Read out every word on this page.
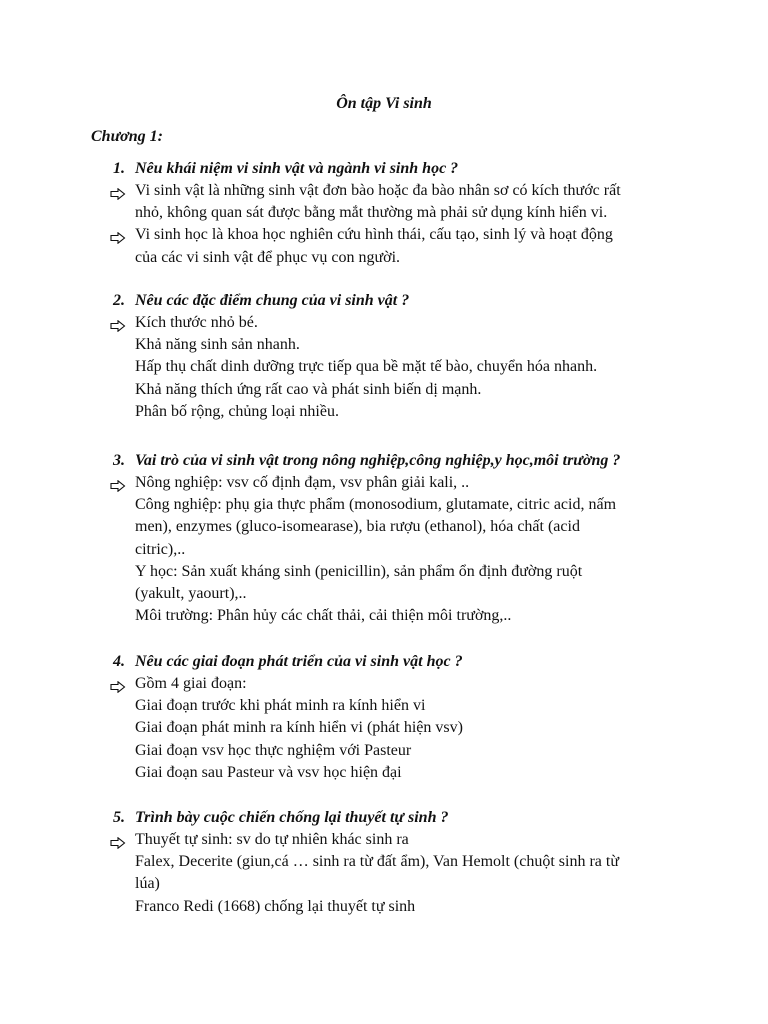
Ôn tập Vi sinh
Chương 1:
1. Nêu khái niệm vi sinh vật và ngành vi sinh học ?
Vi sinh vật là những sinh vật đơn bào hoặc đa bào nhân sơ có kích thước rất
nhỏ, không quan sát được bằng mắt thường mà phải sử dụng kính hiển vi.
Vi sinh học là khoa học nghiên cứu hình thái, cấu tạo, sinh lý và hoạt động
của các vi sinh vật để phục vụ con người.
2. Nêu các đặc điểm chung của vi sinh vật ?
Kích thước nhỏ bé.
Khả năng sinh sản nhanh.
Hấp thụ chất dinh dưỡng trực tiếp qua bề mặt tế bào, chuyển hóa nhanh.
Khả năng thích ứng rất cao và phát sinh biến dị mạnh.
Phân bố rộng, chủng loại nhiều.
3. Vai trò của vi sinh vật trong nông nghiệp,công nghiệp,y học,môi trường ?
Nông nghiệp: vsv cố định đạm, vsv phân giải kali, ..
Công nghiệp: phụ gia thực phẩm (monosodium, glutamate, citric acid, nấm
men), enzymes (gluco-isomearase), bia rượu (ethanol), hóa chất (acid
citric),..
Y học: Sản xuất kháng sinh (penicillin), sản phẩm ổn định đường ruột
(yakult, yaourt),..
Môi trường: Phân hủy các chất thải, cải thiện môi trường,..
4. Nêu các giai đoạn phát triển của vi sinh vật học ?
Gồm 4 giai đoạn:
Giai đoạn trước khi phát minh ra kính hiển vi
Giai đoạn phát minh ra kính hiển vi (phát hiện vsv)
Giai đoạn vsv học thực nghiệm với Pasteur
Giai đoạn sau Pasteur và vsv học hiện đại
5. Trình bày cuộc chiến chống lại thuyết tự sinh ?
Thuyết tự sinh: sv do tự nhiên khác sinh ra
Falex, Decerite (giun,cá … sinh ra từ đất ẩm), Van Hemolt (chuột sinh ra từ
lúa)
Franco Redi (1668) chống lại thuyết tự sinh
